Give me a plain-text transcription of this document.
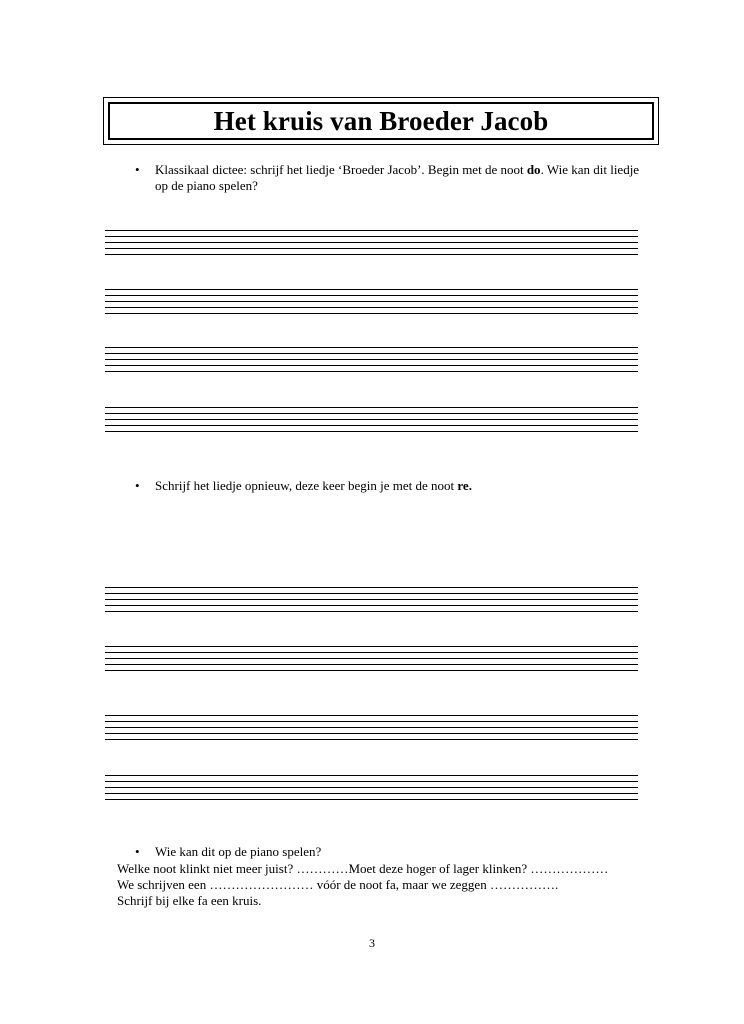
Het kruis van Broeder Jacob
• Klassikaal dictee: schrijf het liedje ‘Broeder Jacob’. Begin met de noot do. Wie kan dit liedje op de piano spelen?
• Schrijf het liedje opnieuw, deze keer begin je met de noot re.
• Wie kan dit op de piano spelen?
Welke noot klinkt niet meer juist? …………Moet deze hoger of lager klinken? ………………
We schrijven een …………………… vóór de noot fa, maar we zeggen …………….
Schrijf bij elke fa een kruis.
3
